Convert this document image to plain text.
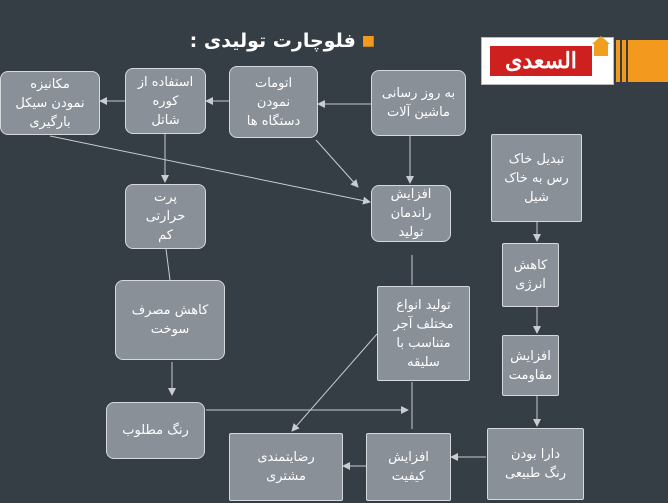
■
فلوچارت تولیدی :
السعدی
مکانیزه
نمودن سیکل
بارگیری
استفاده از
کوره
شاتل
اتومات
نمودن
دستگاه ها
به روز رسانی
ماشین آلات
پرت
حرارتی
کم
افزایش
راندمان
تولید
تبدیل خاک
رس به خاک
شیل
کاهش
انرژی
کاهش مصرف
سوخت
تولید انواع
مختلف آجر
متناسب با
سلیقه	افزایش
مقاومت
رنگ مطلوب
رضایتمندی
مشتری
افزایش
کیفیت
دارا بودن
رنگ طبیعی
